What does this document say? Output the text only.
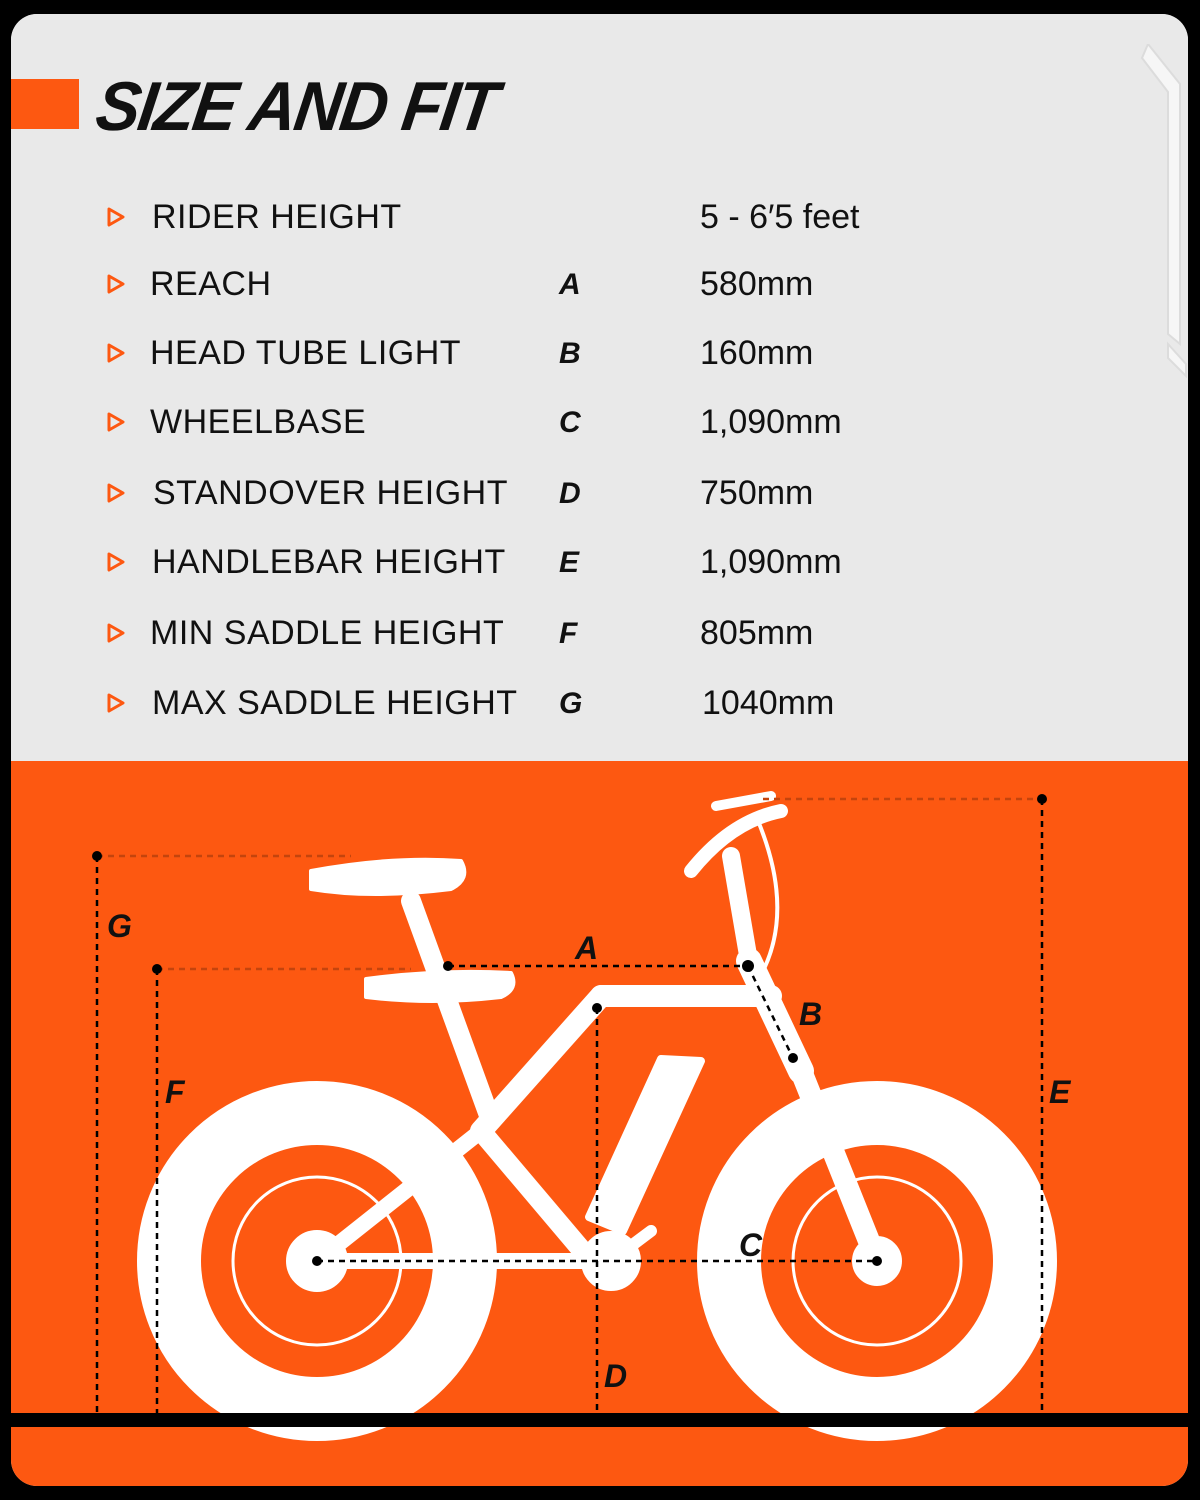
SIZE AND FIT
RIDER HEIGHT	5 - 6′5 feet
REACH	A	580mm
HEAD TUBE LIGHT	B	160mm
WHEELBASE	C	1,090mm
STANDOVER HEIGHT D	750mm
HANDLEBAR HEIGHT E	1,090mm
MIN SADDLE HEIGHT F	805mm
MAX SADDLE HEIGHT G	1040mm
G
F
A
B
C
D
E
